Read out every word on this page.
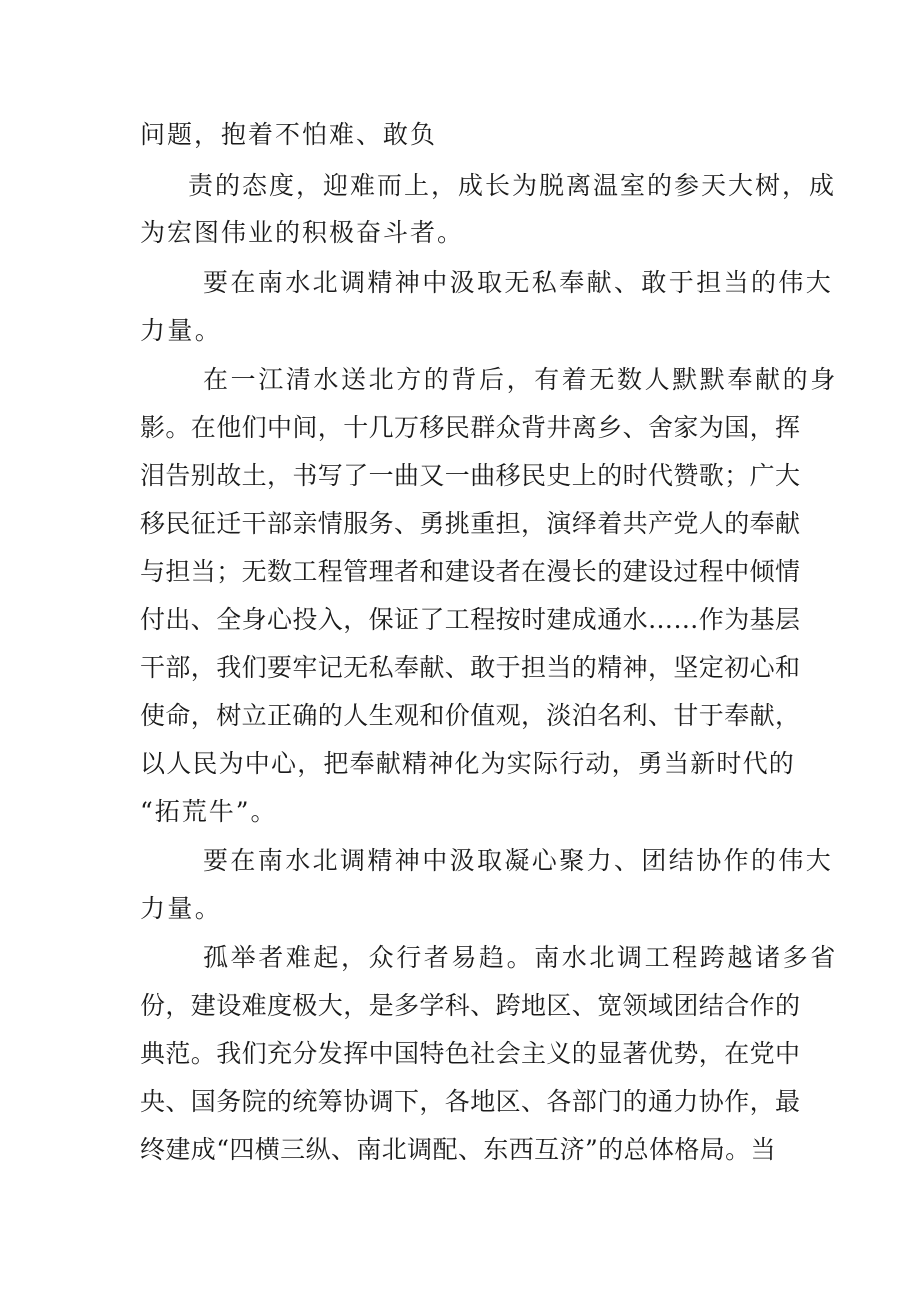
问题，抱着不怕难、敢负

责的态度，迎难而上，成长为脱离温室的参天大树，成

为宏图伟业的积极奋斗者。

要在南水北调精神中汲取无私奉献、敢于担当的伟大

力量。

在一江清水送北方的背后，有着无数人默默奉献的身

影。在他们中间，十几万移民群众背井离乡、舍家为国，挥

泪告别故土，书写了一曲又一曲移民史上的时代赞歌；广大

移民征迁干部亲情服务、勇挑重担，演绎着共产党人的奉献

与担当；无数工程管理者和建设者在漫长的建设过程中倾情

付出、全身心投入，保证了工程按时建成通水……作为基层

干部，我们要牢记无私奉献、敢于担当的精神，坚定初心和

使命，树立正确的人生观和价值观，淡泊名利、甘于奉献，

以人民为中心，把奉献精神化为实际行动，勇当新时代的

“拓荒牛”。

要在南水北调精神中汲取凝心聚力、团结协作的伟大

力量。

孤举者难起，众行者易趋。南水北调工程跨越诸多省

份，建设难度极大，是多学科、跨地区、宽领域团结合作的

典范。我们充分发挥中国特色社会主义的显著优势，在党中

央、国务院的统筹协调下，各地区、各部门的通力协作，最

终建成“四横三纵、南北调配、东西互济”的总体格局。当
